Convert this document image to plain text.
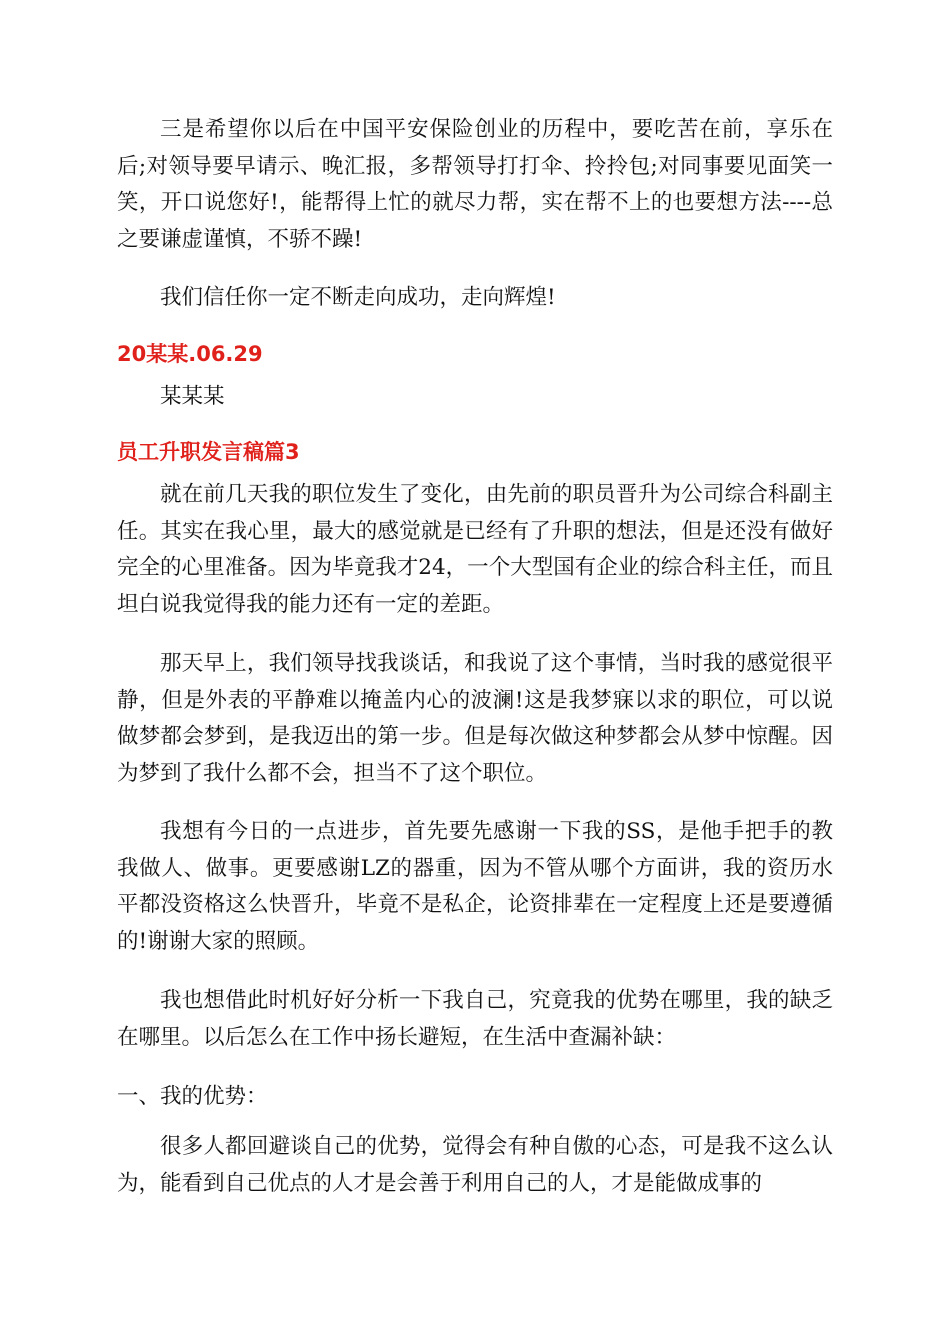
三是希望你以后在中国平安保险创业的历程中，要吃苦在前，享乐在后;对领导要早请示、晚汇报，多帮领导打打伞、拎拎包;对同事要见面笑一笑，开口说您好!，能帮得上忙的就尽力帮，实在帮不上的也要想方法----总之要谦虚谨慎，不骄不躁!

我们信任你一定不断走向成功，走向辉煌!

20某某.06.29

某某某

员工升职发言稿篇3

就在前几天我的职位发生了变化，由先前的职员晋升为公司综合科副主任。其实在我心里，最大的感觉就是已经有了升职的想法，但是还没有做好完全的心里准备。因为毕竟我才24，一个大型国有企业的综合科主任，而且坦白说我觉得我的能力还有一定的差距。

那天早上，我们领导找我谈话，和我说了这个事情，当时我的感觉很平静，但是外表的平静难以掩盖内心的波澜!这是我梦寐以求的职位，可以说做梦都会梦到，是我迈出的第一步。但是每次做这种梦都会从梦中惊醒。因为梦到了我什么都不会，担当不了这个职位。

我想有今日的一点进步，首先要先感谢一下我的SS，是他手把手的教我做人、做事。更要感谢LZ的器重，因为不管从哪个方面讲，我的资历水平都没资格这么快晋升，毕竟不是私企，论资排辈在一定程度上还是要遵循的!谢谢大家的照顾。

我也想借此时机好好分析一下我自己，究竟我的优势在哪里，我的缺乏在哪里。以后怎么在工作中扬长避短，在生活中查漏补缺：

一、我的优势：

很多人都回避谈自己的优势，觉得会有种自傲的心态，可是我不这么认为，能看到自己优点的人才是会善于利用自己的人，才是能做成事的
